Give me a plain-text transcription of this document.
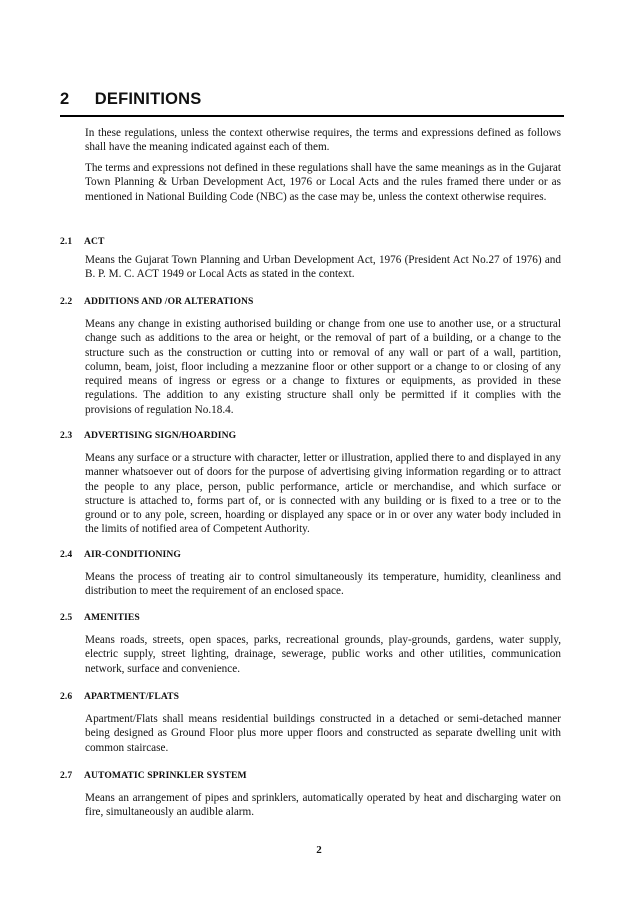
2 DEFINITIONS

In these regulations, unless the context otherwise requires, the terms and expressions defined as follows shall have the meaning indicated against each of them.

The terms and expressions not defined in these regulations shall have the same meanings as in the Gujarat Town Planning & Urban Development Act, 1976 or Local Acts and the rules framed there under or as mentioned in National Building Code (NBC) as the case may be, unless the context otherwise requires.

2.1 ACT

Means the Gujarat Town Planning and Urban Development Act, 1976 (President Act No.27 of 1976) and B. P. M. C. ACT 1949 or Local Acts as stated in the context.

2.2 ADDITIONS AND /OR ALTERATIONS

Means any change in existing authorised building or change from one use to another use, or a structural change such as additions to the area or height, or the removal of part of a building, or a change to the structure such as the construction or cutting into or removal of any wall or part of a wall, partition, column, beam, joist, floor including a mezzanine floor or other support or a change to or closing of any required means of ingress or egress or a change to fixtures or equipments, as provided in these regulations. The addition to any existing structure shall only be permitted if it complies with the provisions of regulation No.18.4.

2.3 ADVERTISING SIGN/HOARDING

Means any surface or a structure with character, letter or illustration, applied there to and displayed in any manner whatsoever out of doors for the purpose of advertising giving information regarding or to attract the people to any place, person, public performance, article or merchandise, and which surface or structure is attached to, forms part of, or is connected with any building or is fixed to a tree or to the ground or to any pole, screen, hoarding or displayed any space or in or over any water body included in the limits of notified area of Competent Authority.

2.4 AIR-CONDITIONING

Means the process of treating air to control simultaneously its temperature, humidity, cleanliness and distribution to meet the requirement of an enclosed space.

2.5 AMENITIES

Means roads, streets, open spaces, parks, recreational grounds, play-grounds, gardens, water supply, electric supply, street lighting, drainage, sewerage, public works and other utilities, communication network, surface and convenience.

2.6 APARTMENT/FLATS

Apartment/Flats shall means residential buildings constructed in a detached or semi-detached manner being designed as Ground Floor plus more upper floors and constructed as separate dwelling unit with common staircase.

2.7 AUTOMATIC SPRINKLER SYSTEM

Means an arrangement of pipes and sprinklers, automatically operated by heat and discharging water on fire, simultaneously an audible alarm.

2
